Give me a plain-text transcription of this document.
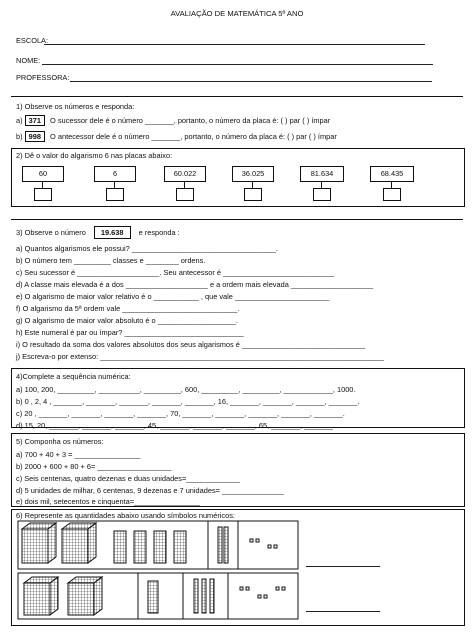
AVALIAÇÃO DE MATEMÁTICA 5º ANO
ESCOLA:
NOME:
PROFESSORA:
1) Observe os números e responda:
a) 371 O sucessor dele é o número _______, portanto, o número da placa é: ( ) par ( ) ímpar
b) 998 O antecessor dele é o número _______, portanto, o número da placa é: ( ) par ( ) ímpar
2) Dê o valor do algarismo 6 nas placas abaixo:
60	6	60.022	36.025	81.634	68.435
3) Observe o número 19.638 e responda :
a) Quantos algarismos ele possui? ___________________________________.
b) O número tem _________ classes e ________ ordens.
c) Seu sucessor é ____________________. Seu antecessor é ___________________________
d) A classe mais elevada é a dos ____________________ e a ordem mais elevada ____________________
e) O algarismo de maior valor relativo é o ___________ , que vale _______________________
f) O algarismo da 5ª ordem vale ____________________________.
g) O algarismo de maior valor absoluto é o ___________________.
h) Este numeral é par ou ímpar? _____________________________
i) O resultado da soma dos valores absolutos dos seus algarismos é ______________________________
j) Escreva-o por extenso: _____________________________________________________________________
4)Complete a sequência numérica:
a) 100, 200, _________, __________, _________, 600, _________, _________, ____________, 1000.
b) 0 , 2, 4 , _______, _______, _______, _______, _______, 16, _______, _______, _______, _______.
c) 20 , _______, _______, _______, _______, 70, _______, _______, _______, _______, _______.
d) 15, 20, _______, _______, _______, 45, _______, _______, _______, 65, _______, _______.
5) Componha os números:
a) 700 + 40 + 3 = ________________
b) 2000 + 600 + 80 + 6= __________________
c) Seis centenas, quatro dezenas e duas unidades=_____________
d) 5 unidades de milhar, 6 centenas, 9 dezenas e 7 unidades= _______________
e) dois mil, setecentos e cinquenta=________________
6) Represente as quantidades abaixo usando símbolos numéricos:
